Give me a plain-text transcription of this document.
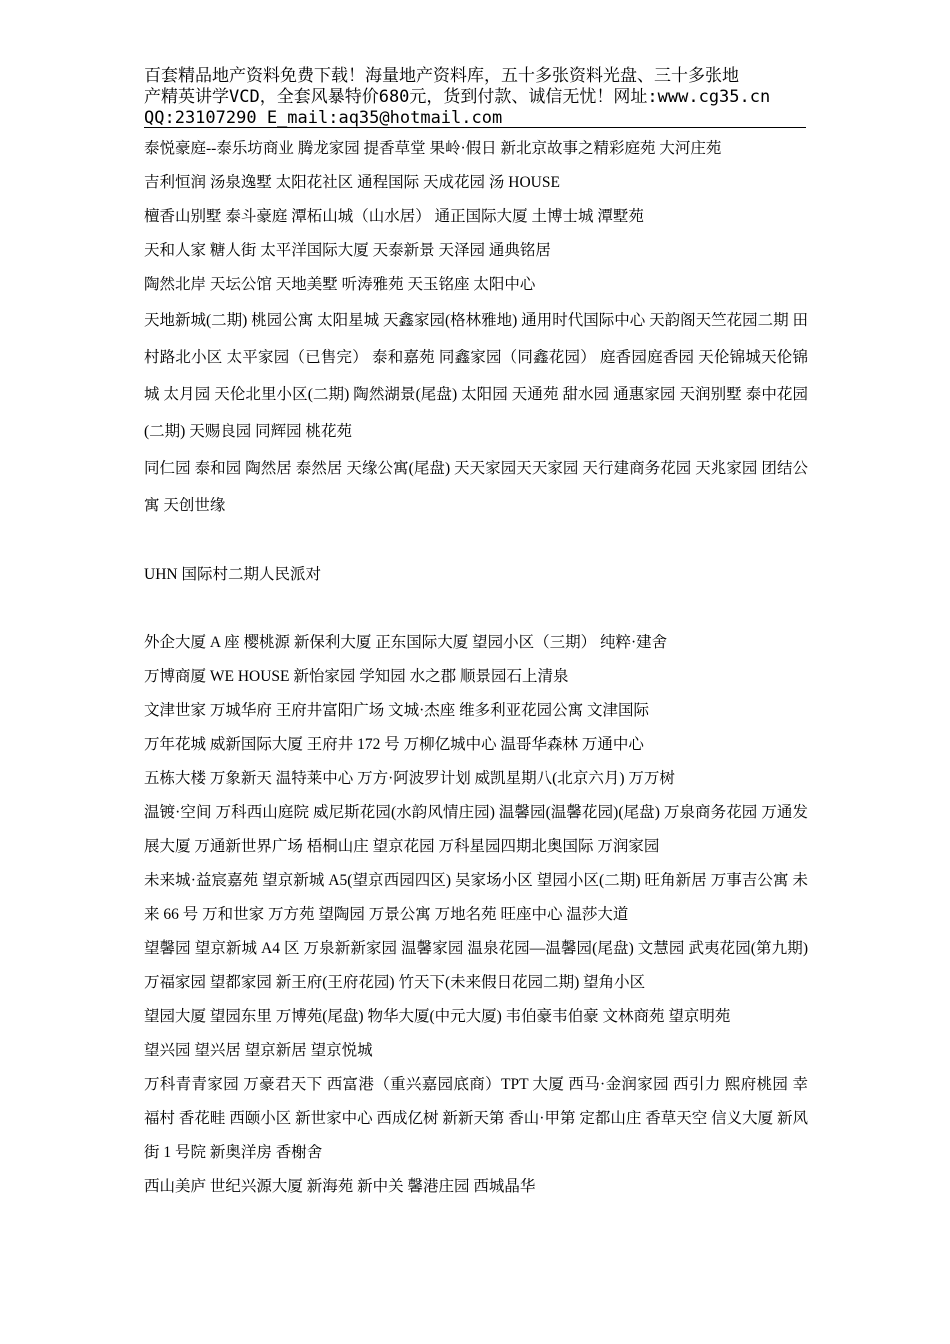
百套精品地产资料免费下载！海量地产资料库，五十多张资料光盘、三十多张地
产精英讲学VCD，全套风暴特价680元，货到付款、诚信无忧！网址:www.cg35.cn
QQ:23107290 E_mail:aq35@hotmail.com
泰悦豪庭--泰乐坊商业 腾龙家园 提香草堂 果岭·假日 新北京故事之精彩庭苑 大河庄苑
吉利恒润 汤泉逸墅 太阳花社区 通程国际 天成花园 汤 HOUSE
檀香山别墅 泰斗豪庭 潭柘山城（山水居） 通正国际大厦 土博士城 潭墅苑
天和人家 糖人街 太平洋国际大厦 天泰新景 天泽园 通典铭居
陶然北岸 天坛公馆 天地美墅 听涛雅苑 天玉铭座 太阳中心
天地新城(二期) 桃园公寓 太阳星城 天鑫家园(格林雅地) 通用时代国际中心 天韵阁天竺花园二期 田村路北小区 太平家园（已售完） 泰和嘉苑 同鑫家园（同鑫花园） 庭香园庭香园 天伦锦城天伦锦城 太月园 天伦北里小区(二期) 陶然湖景(尾盘) 太阳园 天通苑 甜水园 通惠家园 天润别墅 泰中花园(二期) 天赐良园 同辉园 桃花苑
同仁园 泰和园 陶然居 泰然居 天缘公寓(尾盘) 天天家园天天家园 天行建商务花园 天兆家园 团结公寓 天创世缘
UHN 国际村二期人民派对
外企大厦 A 座 樱桃源 新保利大厦 正东国际大厦 望园小区（三期） 纯粹·建舍
万博商厦 WE HOUSE 新怡家园 学知园 水之郡 顺景园石上清泉
文津世家 万城华府 王府井富阳广场 文城·杰座 维多利亚花园公寓 文津国际
万年花城 威新国际大厦 王府井 172 号 万柳亿城中心 温哥华森林 万通中心
五栋大楼 万象新天 温特莱中心 万方·阿波罗计划 威凯星期八(北京六月) 万万树
温镀·空间 万科西山庭院 威尼斯花园(水韵风情庄园) 温馨园(温馨花园)(尾盘) 万泉商务花园 万通发展大厦 万通新世界广场 梧桐山庄 望京花园 万科星园四期北奥国际 万润家园
未来城·益宸嘉苑 望京新城 A5(望京西园四区) 吴家场小区 望园小区(二期) 旺角新居 万事吉公寓 未来 66 号 万和世家 万方苑 望陶园 万景公寓 万地名苑 旺座中心 温莎大道
望馨园 望京新城 A4 区 万泉新新家园 温馨家园 温泉花园—温馨园(尾盘) 文慧园 武夷花园(第九期) 万福家园 望都家园 新王府(王府花园) 竹天下(未来假日花园二期) 望角小区
望园大厦 望园东里 万博苑(尾盘) 物华大厦(中元大厦) 韦伯豪韦伯豪 文林商苑 望京明苑
望兴园 望兴居 望京新居 望京悦城
万科青青家园 万豪君天下 西富港（重兴嘉园底商）TPT 大厦 西马·金润家园 西引力 熙府桃园 幸福村 香花畦 西颐小区 新世家中心 西成亿树 新新天第 香山·甲第 定都山庄 香草天空 信义大厦 新风街 1 号院 新奥洋房 香榭舍
西山美庐 世纪兴源大厦 新海苑 新中关 馨港庄园 西城晶华
